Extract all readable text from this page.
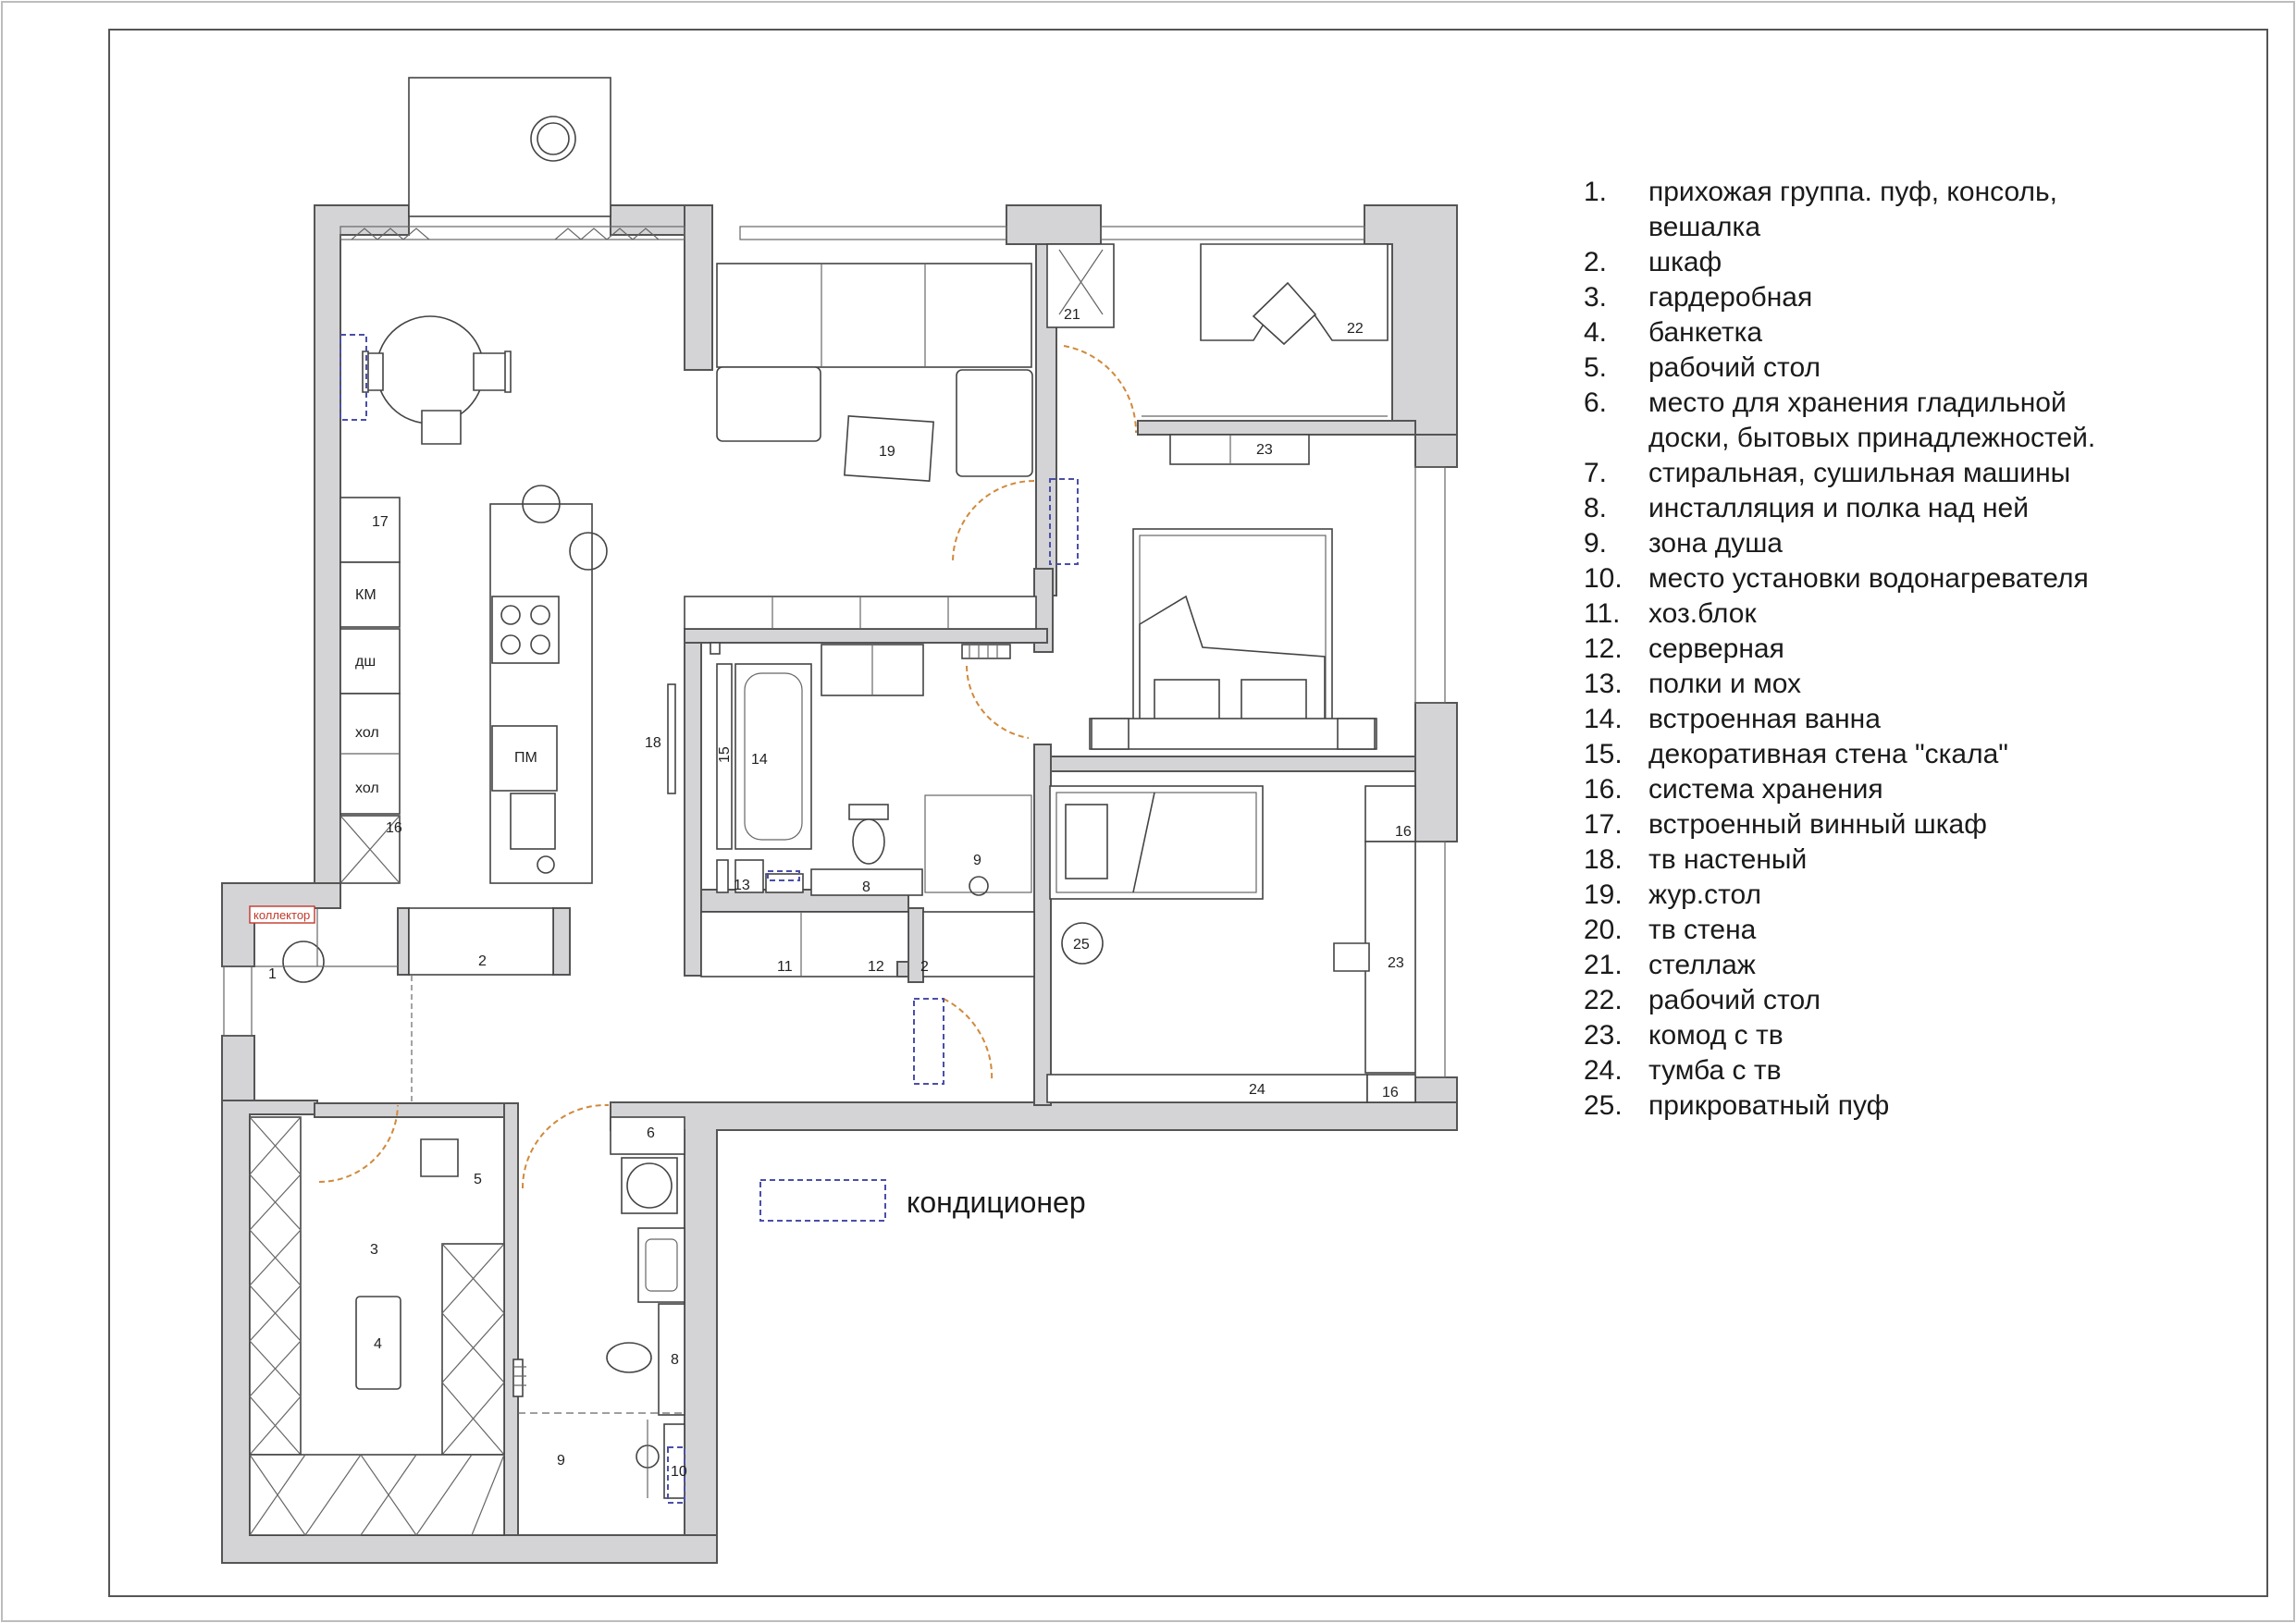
коллектор
1
2	2
3
4
5
6
8
8
9
9
10
11	12
13
14
15
16	16
16
17
18
19
21
22
23
23
24
25
КМ
дш
хол
хол
ПМ
кондиционер
1. прихожая группа. пуф, консоль,
вешалка
2. шкаф
3. гардеробная
4. банкетка
5. рабочий стол
6. место для хранения гладильной
доски, бытовых принадлежностей.
7. стиральная, сушильная машины
8. инсталляция и полка над ней
9. зона душа
10. место установки водонагревателя
11. хоз.блок
12. серверная
13. полки и мох
14. встроенная ванна
15. декоративная стена "скала"
16. система хранения
17. встроенный винный шкаф
18. тв настеный
19. жур.стол
20. тв стена
21. стеллаж
22. рабочий стол
23. комод с тв
24. тумба с тв
25. прикроватный пуф
